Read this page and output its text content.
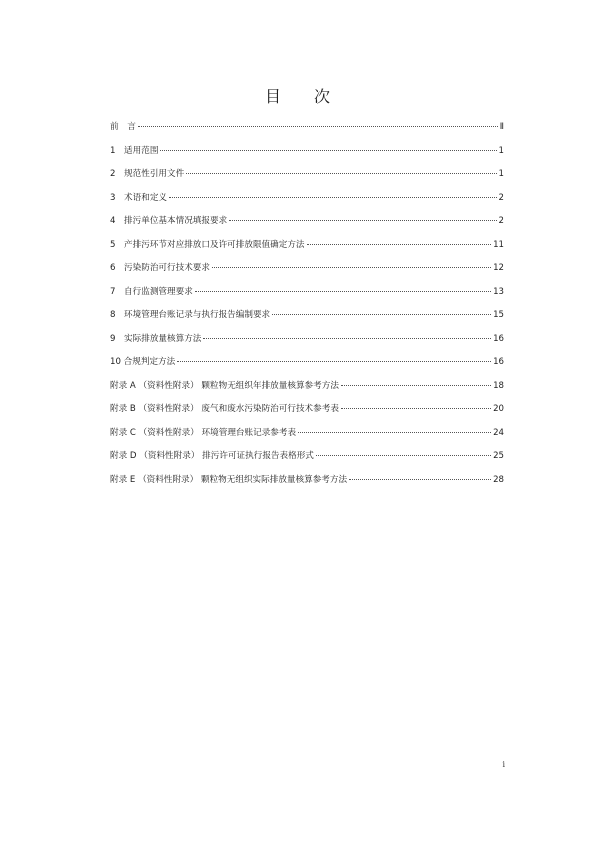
目 次
前　言	Ⅱ
1　适用范围	1
2　规范性引用文件	1
3　术语和定义	2
4　排污单位基本情况填报要求	2
5　产排污环节对应排放口及许可排放限值确定方法	11
6　污染防治可行技术要求	12
7　自行监测管理要求	13
8　环境管理台账记录与执行报告编制要求	15
9　实际排放量核算方法	16
10 合规判定方法	16
附录 A （资料性附录） 颗粒物无组织年排放量核算参考方法	18
附录 B （资料性附录） 废气和废水污染防治可行技术参考表	20
附录 C （资料性附录） 环境管理台账记录参考表	24
附录 D （资料性附录） 排污许可证执行报告表格形式	25
附录 E （资料性附录） 颗粒物无组织实际排放量核算参考方法	28
i
